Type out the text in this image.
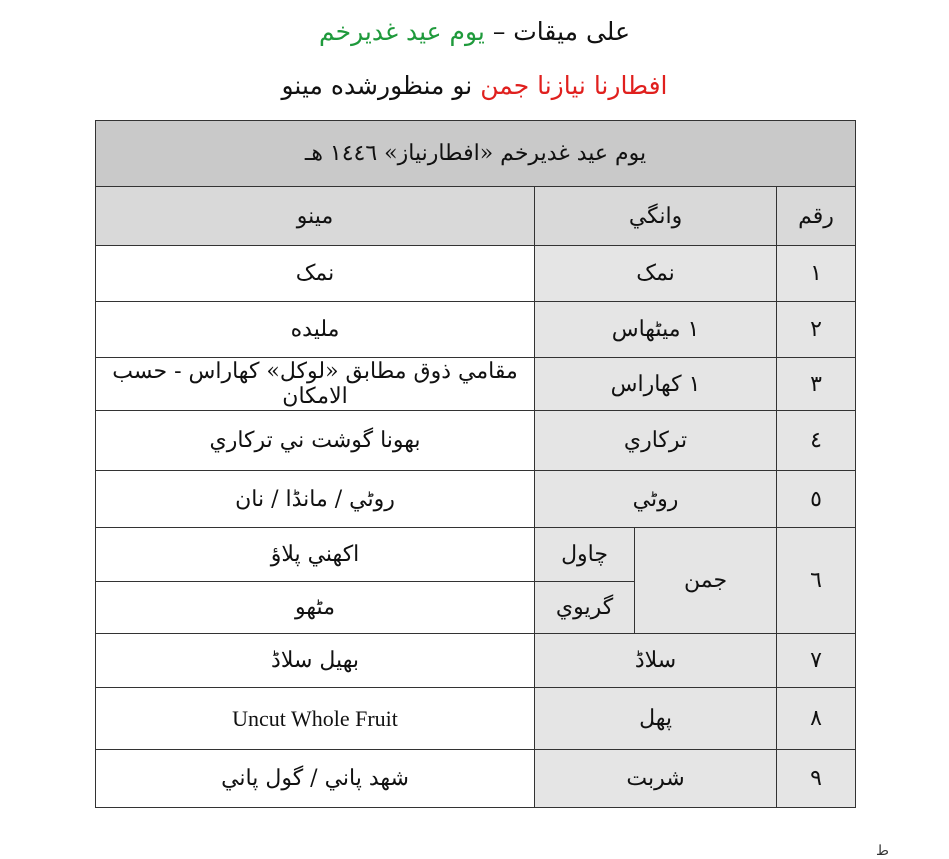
على ميقات – يوم عيد غديرخم
افطارنا نيازنا جمن نو منظورشده مينو
يوم عيد غديرخم «افطارنياز» ١٤٤٦ هـ			
رقم	وانگي		مينو
١	نمک		نمک
٢	١ ميٹهاس		مليده
٣	١ کهاراس		مقامي ذوق مطابق «لوکل» کهاراس - حسب الامکان
٤	ترکاري		بهونا گوشت ني ترکاري
٥	روٹي		روٹي / مانڈا / نان
٦	جمن	چاول	اکهني پلاؤ
		گريوي	مٹهو
٧	سلاڈ		بهيل سلاڈ
٨	پهل		Uncut Whole Fruit
٩	شربت		شهد پاني / گول پاني
ط
